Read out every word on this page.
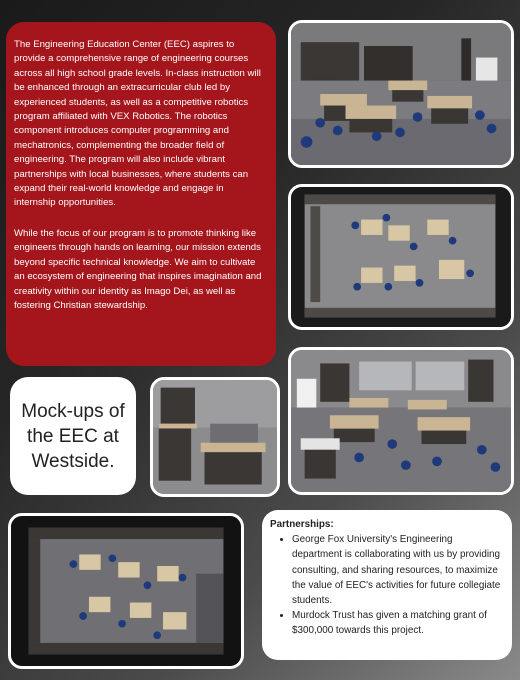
The Engineering Education Center (EEC) aspires to provide a comprehensive range of engineering courses across all high school grade levels. In-class instruction will be enhanced through an extracurricular club led by experienced students, as well as a competitive robotics program affiliated with VEX Robotics. The robotics component introduces computer programming and mechatronics, complementing the broader field of engineering. The program will also include vibrant partnerships with local businesses, where students can expand their real-world knowledge and engage in internship opportunities.

While the focus of our program is to promote thinking like engineers through hands on learning, our mission extends beyond specific technical knowledge. We aim to cultivate an ecosystem of engineering that inspires imagination and creativity within our identity as Imago Dei, as well as fostering Christian stewardship.

Mock-ups of the EEC at Westside.

Partnerships:

• George Fox University's Engineering department is collaborating with us by providing consulting, and sharing resources, to maximize the value of EEC's activities for future collegiate students.
• Murdock Trust has given a matching grant of $300,000 towards this project.
